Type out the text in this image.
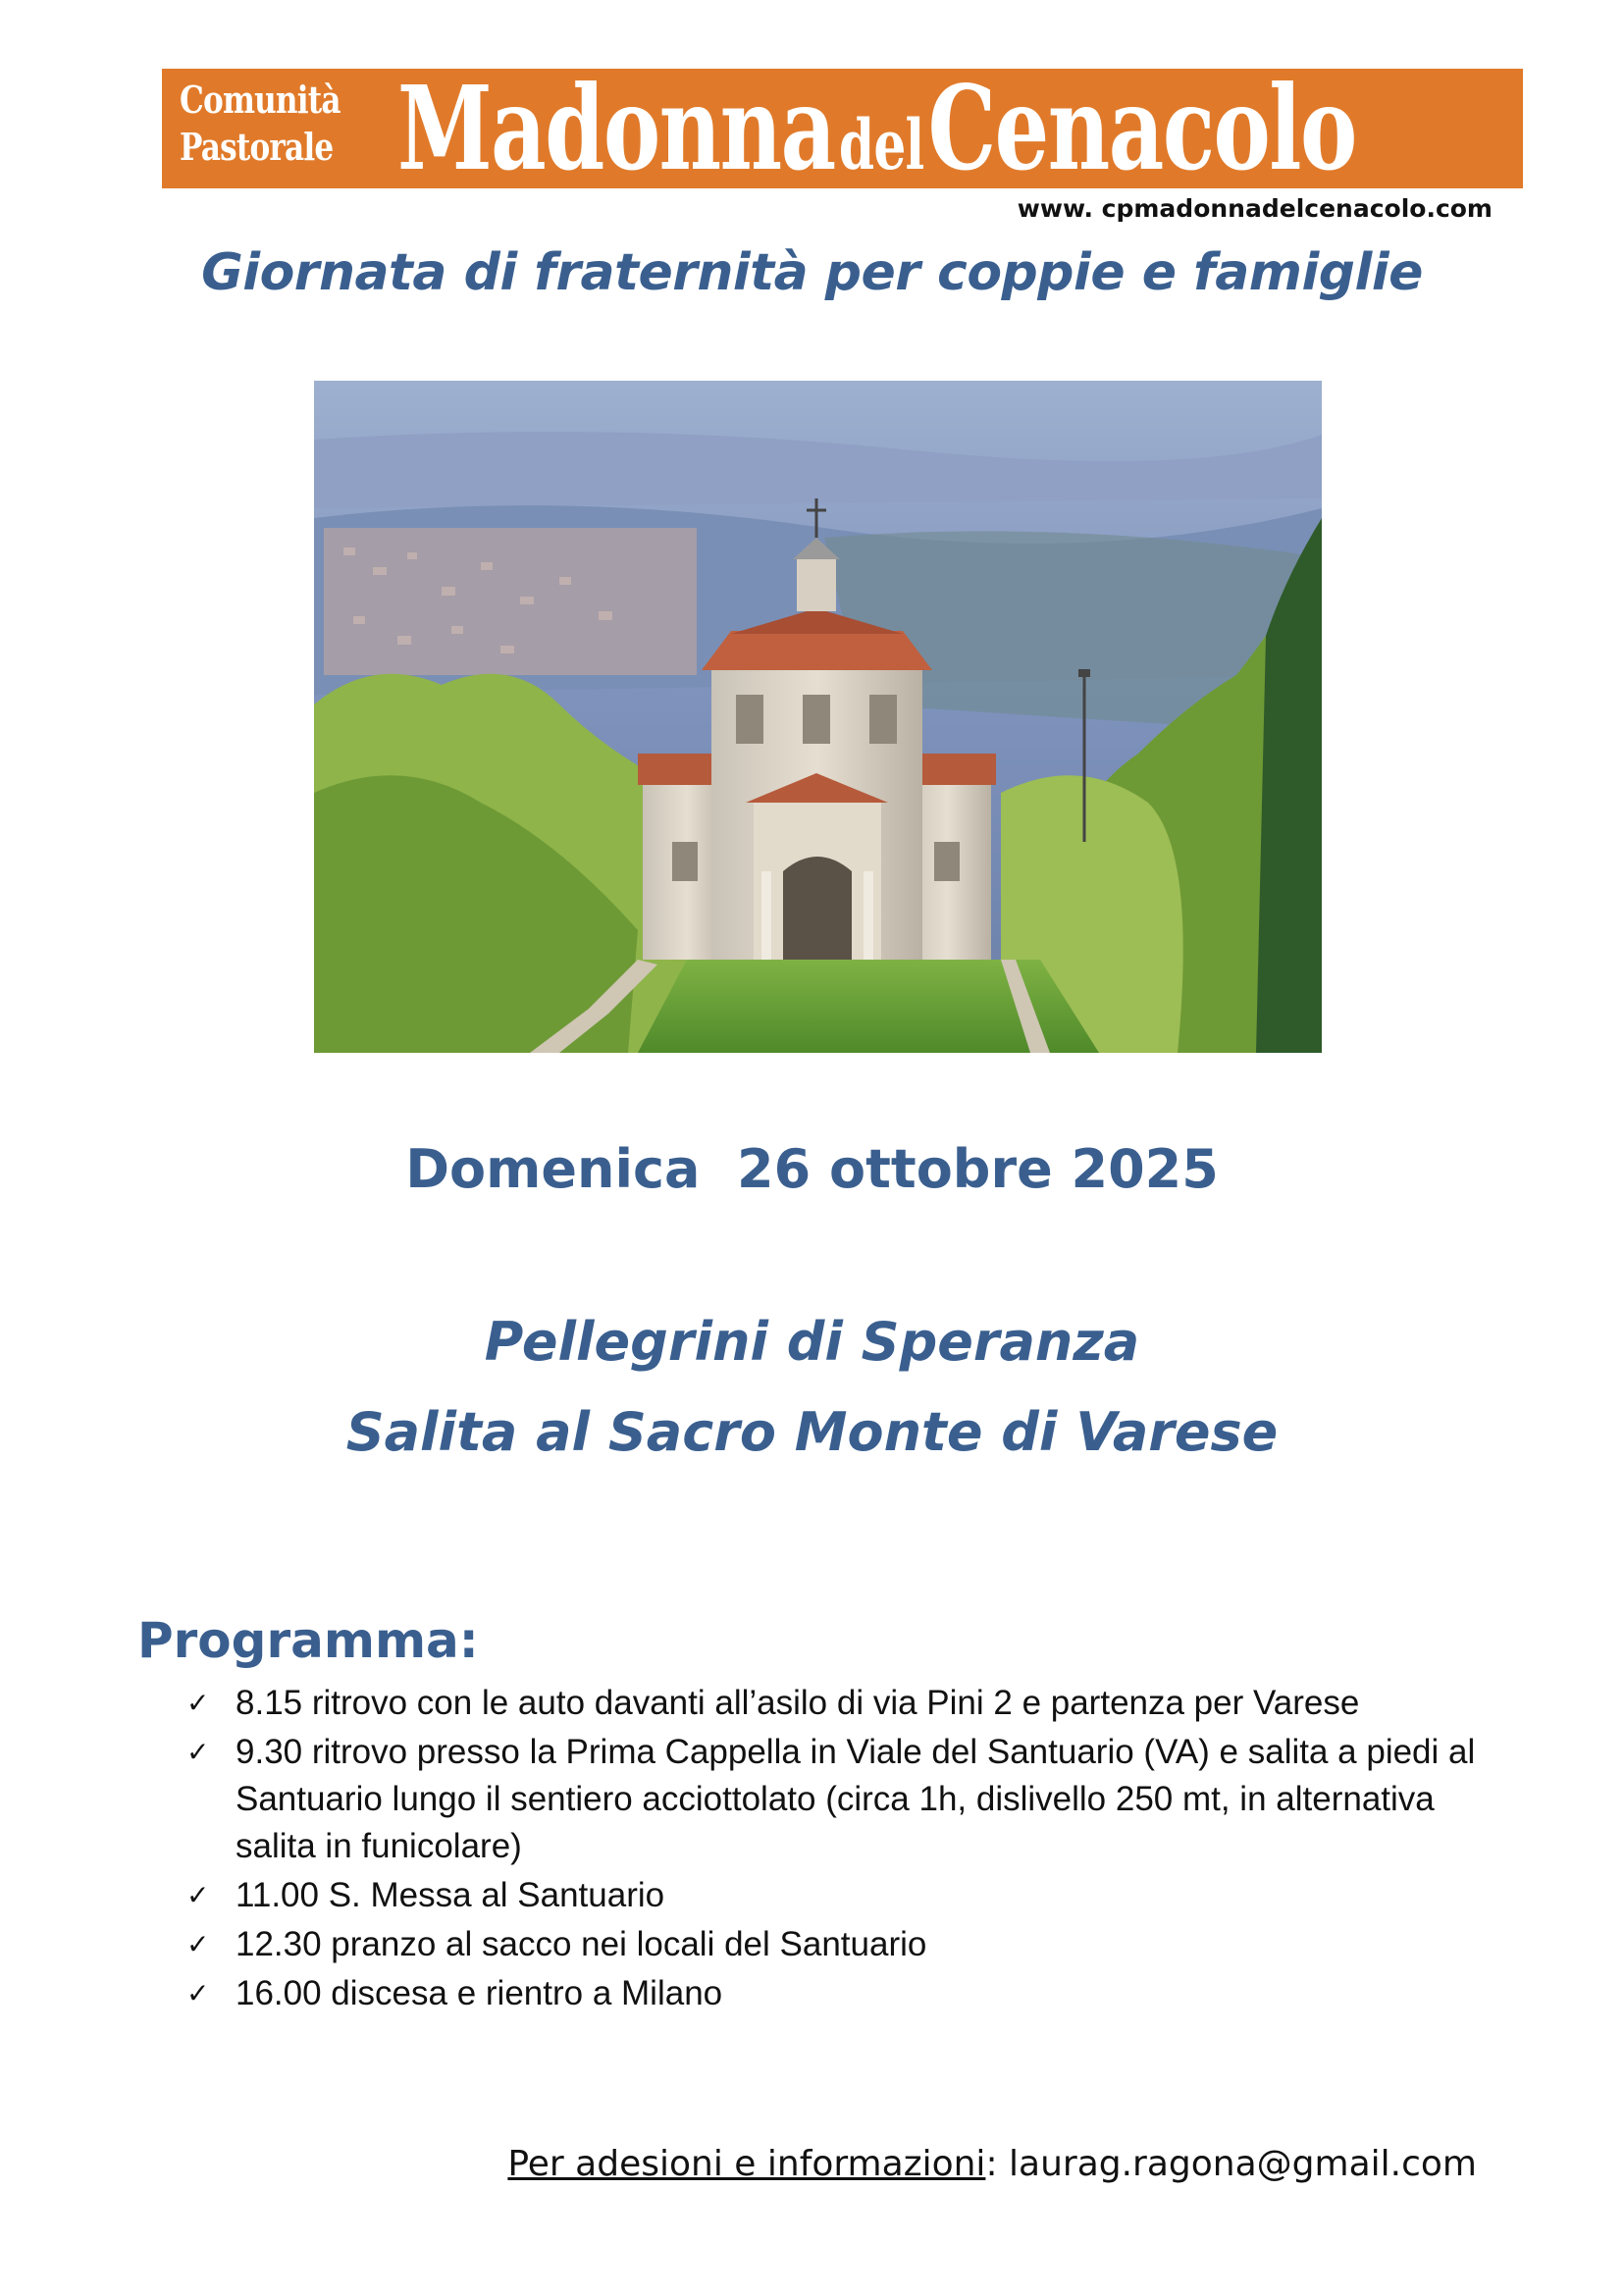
Comunità
Pastorale Madonna del Cenacolo
www. cpmadonnadelcenacolo.com
Giornata di fraternità per coppie e famiglie
Domenica  26 ottobre 2025
Pellegrini di Speranza
Salita al Sacro Monte di Varese
Programma:
✓ 8.15 ritrovo con le auto davanti all’asilo di via Pini 2 e partenza per Varese
✓ 9.30 ritrovo presso la Prima Cappella in Viale del Santuario (VA) e salita a piedi al Santuario lungo il sentiero acciottolato (circa 1h, dislivello 250 mt, in alternativa salita in funicolare)
✓ 11.00 S. Messa al Santuario
✓ 12.30 pranzo al sacco nei locali del Santuario
✓ 16.00 discesa e rientro a Milano
Per adesioni e informazioni: laurag.ragona@gmail.com
